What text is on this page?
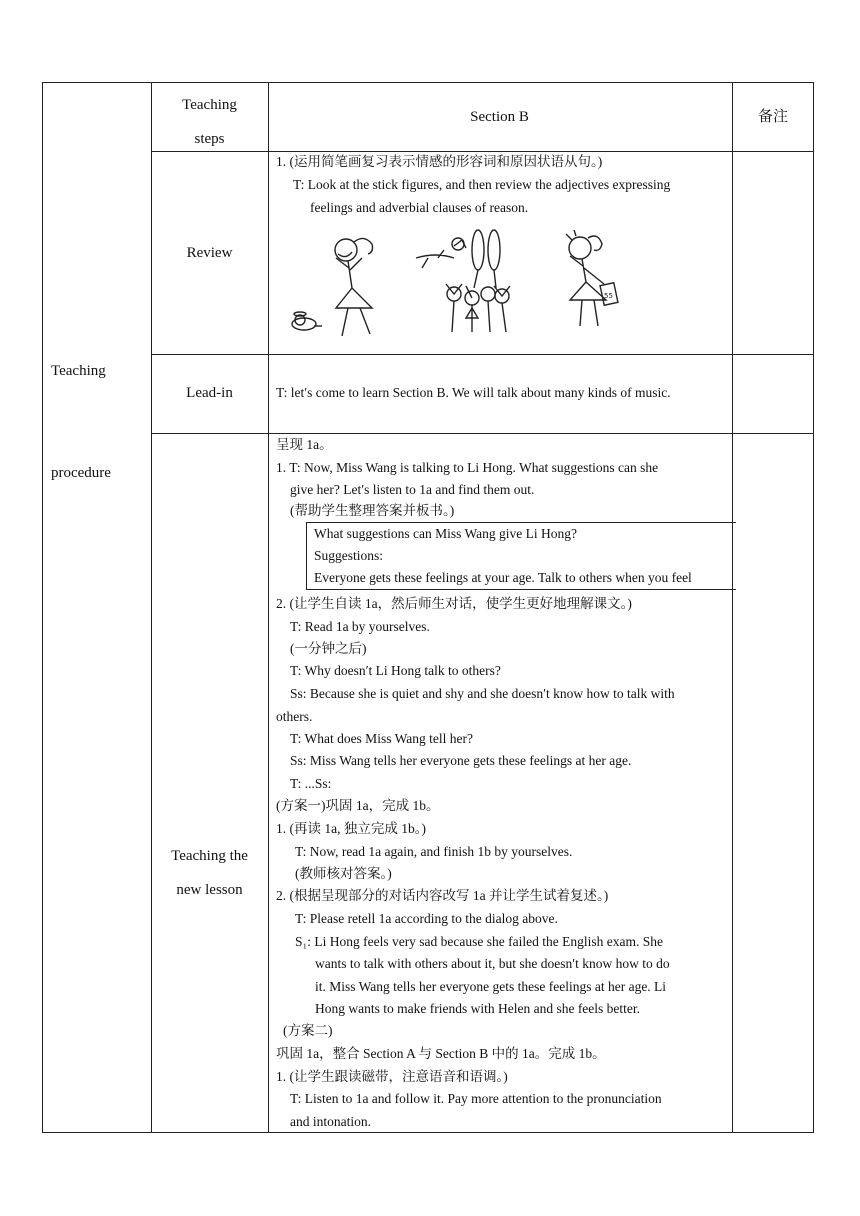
Teaching
steps
Section B	备注
Teaching
procedure
Review
1. (运用简笔画复习表示情感的形容词和原因状语从句。)
T: Look at the stick figures, and then review the adjectives expressing
feelings and adverbial clauses of reason.
55
Lead-in	T: let′s come to learn Section B. We will talk about many kinds of music.
Teaching the
new lesson
呈现 1a。
1. T: Now, Miss Wang is talking to Li Hong. What suggestions can she
give her? Let′s listen to 1a and find them out.
(帮助学生整理答案并板书。)
What suggestions can Miss Wang give Li Hong?
Suggestions:
Everyone gets these feelings at your age. Talk to others when you feel
2. (让学生自读 1a，然后师生对话，使学生更好地理解课文。)
T: Read 1a by yourselves.
(一分钟之后)
T: Why doesn′t Li Hong talk to others?
Ss: Because she is quiet and shy and she doesn′t know how to talk with
others.
T: What does Miss Wang tell her?
Ss: Miss Wang tells her everyone gets these feelings at her age.
T: ...Ss:
(方案一)巩固 1a，完成 1b。
1. (再读 1a, 独立完成 1b。)
T: Now, read 1a again, and finish 1b by yourselves.
(教师核对答案。)
2. (根据呈现部分的对话内容改写 1a 并让学生试着复述。)
T: Please retell 1a according to the dialog above.
S₁: Li Hong feels very sad because she failed the English exam. She
wants to talk with others about it, but she doesn′t know how to do
it. Miss Wang tells her everyone gets these feelings at her age. Li
Hong wants to make friends with Helen and she feels better.
(方案二)
巩固 1a，整合 Section A 与 Section B 中的 1a。完成 1b。
1. (让学生跟读磁带，注意语音和语调。)
T: Listen to 1a and follow it. Pay more attention to the pronunciation
and intonation.
